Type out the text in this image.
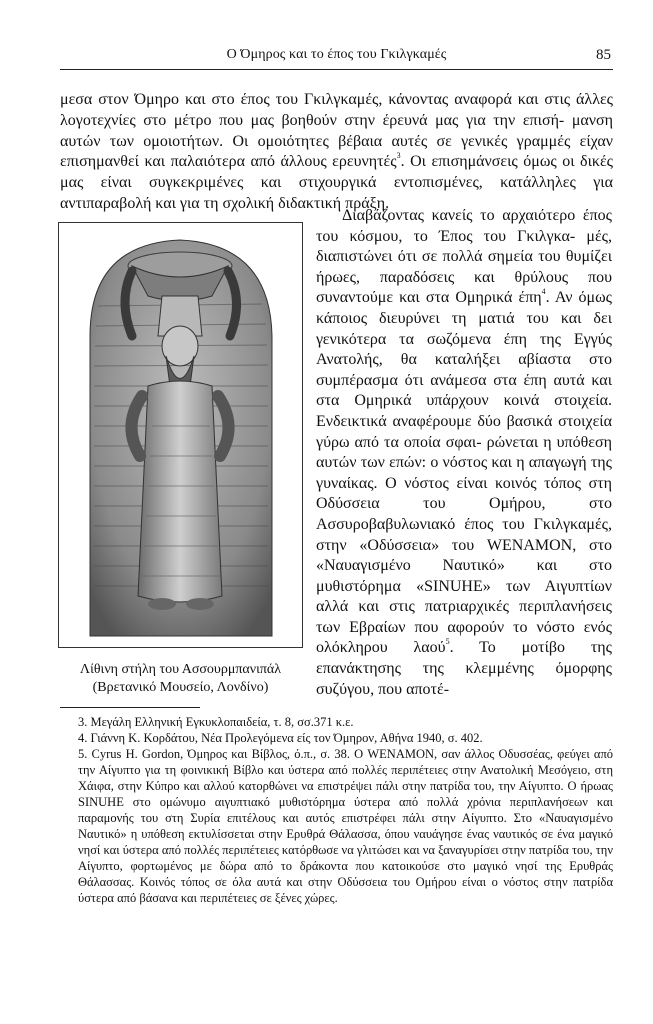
Ο Όμηρος και το έπος του Γκιλγκαμές	85

μεσα στον Όμηρο και στο έπος του Γκιλγκαμές, κάνοντας αναφορά και στις άλλες λογοτεχνίες στο μέτρο που μας βοηθούν στην έρευνά μας για την επισή- μανση αυτών των ομοιοτήτων. Οι ομοιότητες βέβαια αυτές σε γενικές γραμμές είχαν επισημανθεί και παλαιότερα από άλλους ερευνητές$^3$. Οι επισημάνσεις όμως οι δικές μας είναι συγκεκριμένες και στιχουργικά εντοπισμένες, κατάλληλες για αντιπαραβολή και για τη σχολική διδακτική πράξη.

Λίθινη στήλη του Ασσουρμπανιπάλ
(Βρετανικό Μουσείο, Λονδίνο)

Διαβάζοντας κανείς το αρχαιότερο έπος του κόσμου, το Έπος του Γκιλγκα- μές, διαπιστώνει ότι σε πολλά σημεία του θυμίζει ήρωες, παραδόσεις και θρύλους που συναντούμε και στα Ομηρικά έπη$^4$. Αν όμως κάποιος διευρύνει τη ματιά του και δει γενικότερα τα σωζόμενα έπη της Εγγύς Ανατολής, θα καταλήξει αβίαστα στο συμπέρασμα ότι ανάμεσα στα έπη αυτά και στα Ομηρικά υπάρχουν κοινά στοιχεία. Ενδεικτικά αναφέρουμε δύο βασικά στοιχεία γύρω από τα οποία σφαι- ρώνεται η υπόθεση αυτών των επών: ο νόστος και η απαγωγή της γυναίκας. Ο νόστος είναι κοινός τόπος στη Οδύσσεια του Ομήρου, στο Ασσυροβαβυλωνιακό έπος του Γκιλγκαμές, στην «Οδύσσεια» του WENAMON, στο «Ναυαγισμένο Ναυτικό» και στο μυθιστόρημα «SINUHE» των Αιγυπτίων αλλά και στις πατριαρχικές περιπλανήσεις των Εβραίων που αφορούν το νόστο ενός ολόκληρου λαού$^5$. Το μοτίβο της επανάκτησης της κλεμμένης όμορφης συζύγου, που αποτέ-

3. Μεγάλη Ελληνική Εγκυκλοπαιδεία, τ. 8, σσ.371 κ.ε.

4. Γιάννη Κ. Κορδάτου, Νέα Προλεγόμενα είς τον Όμηρον, Αθήνα 1940, σ. 402.

5. Cyrus H. Gordon, Όμηρος και Βίβλος, ό.π., σ. 38. Ο WENAMON, σαν άλλος Οδυσσέας, φεύγει από την Αίγυπτο για τη φοινικική Βίβλο και ύστερα από πολλές περιπέτειες στην Ανατολική Μεσόγειο, στη Χάιφα, στην Κύπρο και αλλού κατορθώνει να επιστρέψει πάλι στην πατρίδα του, την Αίγυπτο. Ο ήρωας SINUHE στο ομώνυμο αιγυπτιακό μυθιστόρημα ύστερα από πολλά χρόνια περιπλανήσεων και παραμονής του στη Συρία επιτέλους και αυτός επιστρέφει πάλι στην Αίγυπτο. Στο «Ναυαγισμένο Ναυτικό» η υπόθεση εκτυλίσσεται στην Ερυθρά Θάλασσα, όπου ναυάγησε ένας ναυτικός σε ένα μαγικό νησί και ύστερα από πολλές περιπέτειες κατόρθωσε να γλιτώσει και να ξαναγυρίσει στην πατρίδα του, την Αίγυπτο, φορτωμένος με δώρα από το δράκοντα που κατοικούσε στο μαγικό νησί της Ερυθράς Θάλασσας. Κοινός τόπος σε όλα αυτά και στην Οδύσσεια του Ομήρου είναι ο νόστος στην πατρίδα ύστερα από βάσανα και περιπέτειες σε ξένες χώρες.
